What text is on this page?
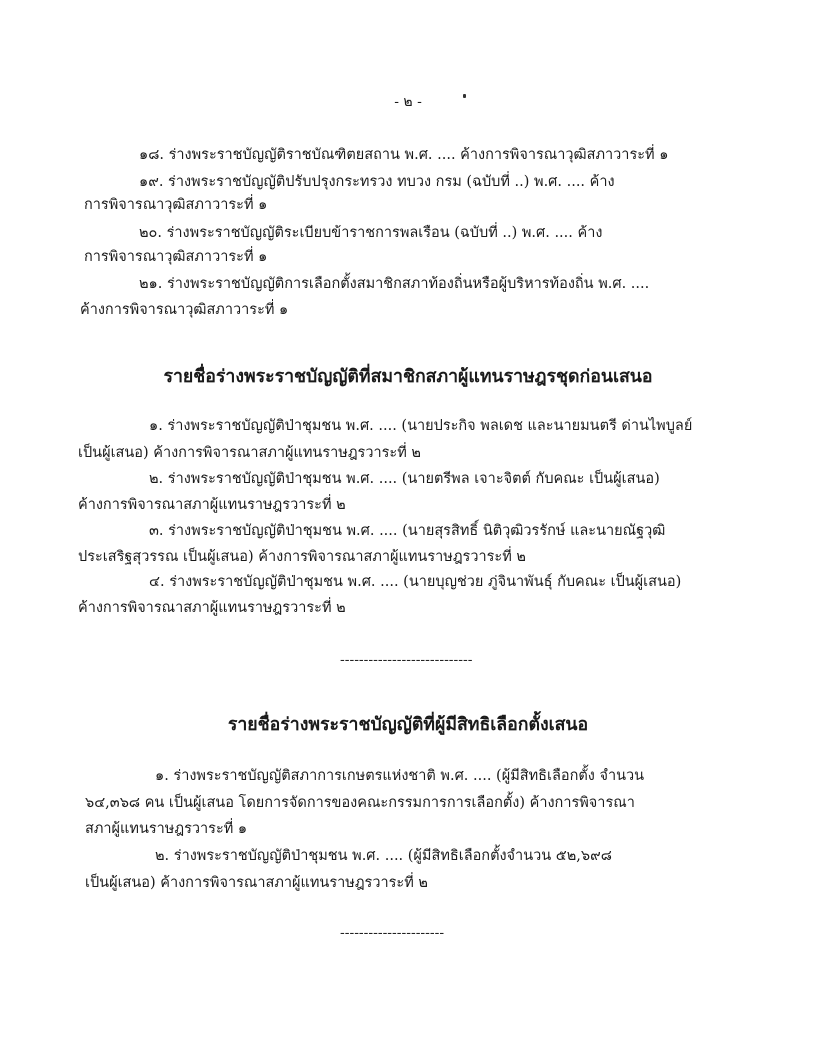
- ๒ -
๑๘. ร่างพระราชบัญญัติราชบัณฑิตยสถาน พ.ศ. .... ค้างการพิจารณาวุฒิสภาวาระที่ ๑
๑๙. ร่างพระราชบัญญัติปรับปรุงกระทรวง ทบวง กรม (ฉบับที่ ..) พ.ศ. .... ค้าง
การพิจารณาวุฒิสภาวาระที่ ๑
๒๐. ร่างพระราชบัญญัติระเบียบข้าราชการพลเรือน (ฉบับที่ ..) พ.ศ. .... ค้าง
การพิจารณาวุฒิสภาวาระที่ ๑
๒๑. ร่างพระราชบัญญัติการเลือกตั้งสมาชิกสภาท้องถิ่นหรือผู้บริหารท้องถิ่น พ.ศ. ....
ค้างการพิจารณาวุฒิสภาวาระที่ ๑
รายชื่อร่างพระราชบัญญัติที่สมาชิกสภาผู้แทนราษฎรชุดก่อนเสนอ
๑. ร่างพระราชบัญญัติป่าชุมชน พ.ศ. .... (นายประกิจ พลเดช และนายมนตรี ด่านไพบูลย์
เป็นผู้เสนอ) ค้างการพิจารณาสภาผู้แทนราษฎรวาระที่ ๒
๒. ร่างพระราชบัญญัติป่าชุมชน พ.ศ. .... (นายตรีพล เจาะจิตต์ กับคณะ เป็นผู้เสนอ)
ค้างการพิจารณาสภาผู้แทนราษฎรวาระที่ ๒
๓. ร่างพระราชบัญญัติป่าชุมชน พ.ศ. .... (นายสุรสิทธิ์ นิติวุฒิวรรักษ์ และนายณัฐวุฒิ
ประเสริฐสุวรรณ เป็นผู้เสนอ) ค้างการพิจารณาสภาผู้แทนราษฎรวาระที่ ๒
๔. ร่างพระราชบัญญัติป่าชุมชน พ.ศ. .... (นายบุญช่วย ภู่จินาพันธุ์ กับคณะ เป็นผู้เสนอ)
ค้างการพิจารณาสภาผู้แทนราษฎรวาระที่ ๒
----------------------------
รายชื่อร่างพระราชบัญญัติที่ผู้มีสิทธิเลือกตั้งเสนอ
๑. ร่างพระราชบัญญัติสภาการเกษตรแห่งชาติ พ.ศ. .... (ผู้มีสิทธิเลือกตั้ง จำนวน
๖๔,๓๖๘ คน เป็นผู้เสนอ โดยการจัดการของคณะกรรมการการเลือกตั้ง) ค้างการพิจารณา
สภาผู้แทนราษฎรวาระที่ ๑
๒. ร่างพระราชบัญญัติป่าชุมชน พ.ศ. .... (ผู้มีสิทธิเลือกตั้งจำนวน ๕๒,๖๙๘
เป็นผู้เสนอ) ค้างการพิจารณาสภาผู้แทนราษฎรวาระที่ ๒
----------------------
